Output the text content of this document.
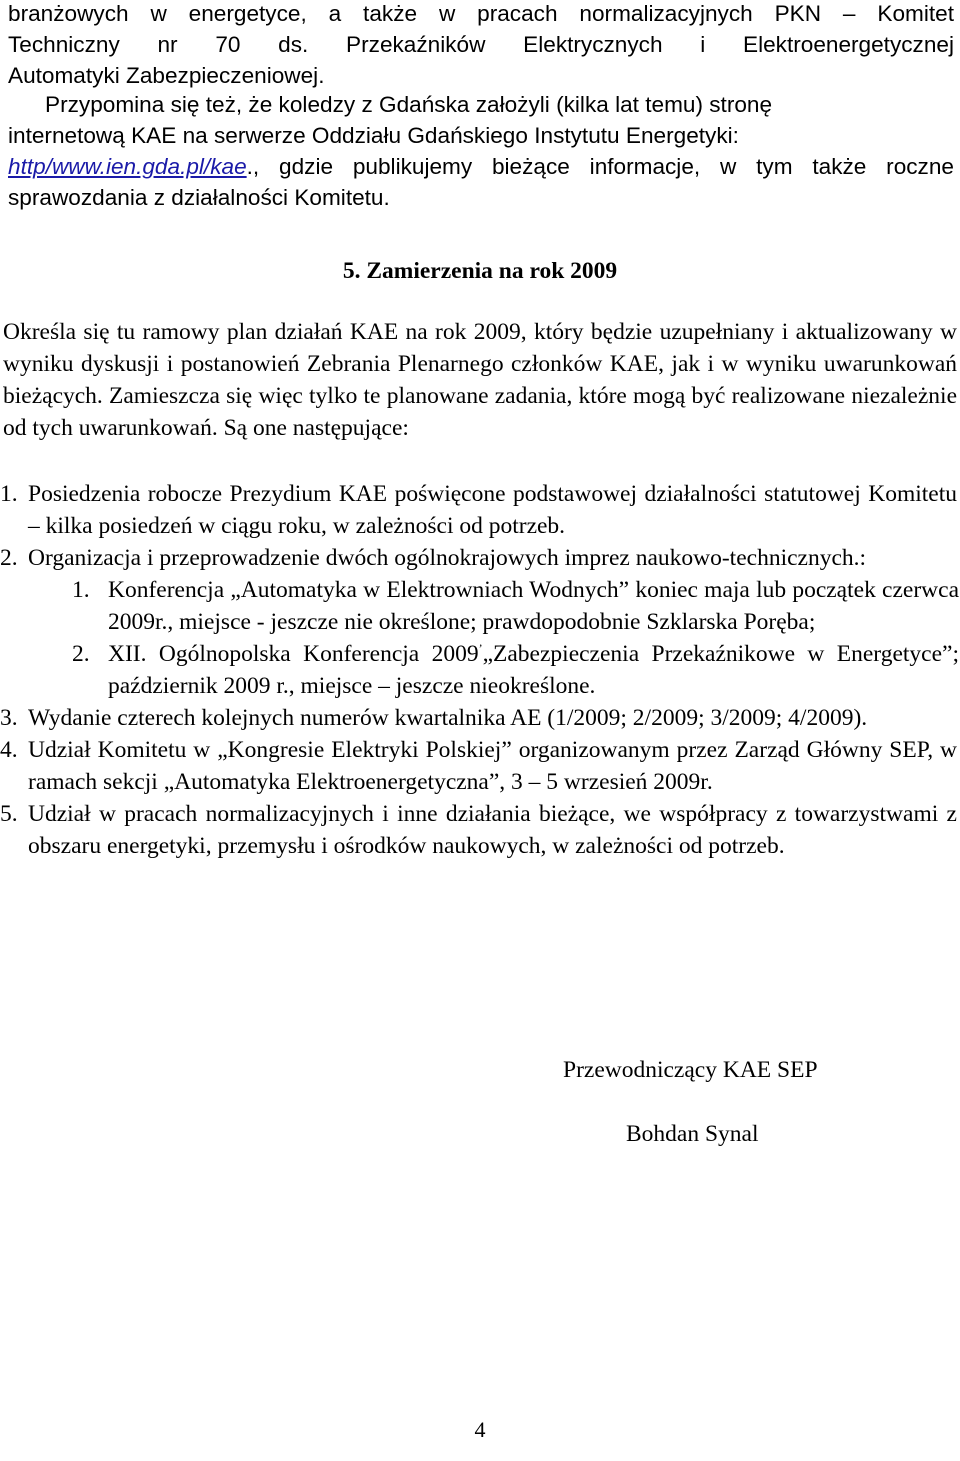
branżowych w energetyce, a także w pracach normalizacyjnych PKN – Komitet
Techniczny nr 70 ds. Przekaźników Elektrycznych i Elektroenergetycznej
Automatyki Zabezpieczeniowej.
Przypomina się też, że koledzy z Gdańska założyli (kilka lat temu) stronę
internetową KAE na serwerze Oddziału Gdańskiego Instytutu Energetyki:
http/www.ien.gda.pl/kae., gdzie publikujemy bieżące informacje, w tym także roczne
sprawozdania z działalności Komitetu.
5. Zamierzenia na rok 2009
Określa się tu ramowy plan działań KAE na rok 2009, który będzie uzupełniany i aktualizowany w wyniku dyskusji i postanowień Zebrania Plenarnego członków KAE, jak i w wyniku uwarunkowań bieżących. Zamieszcza się więc tylko te planowane zadania, które mogą być realizowane niezależnie od tych uwarunkowań. Są one następujące:
1. Posiedzenia robocze Prezydium KAE poświęcone podstawowej działalności statutowej Komitetu – kilka posiedzeń w ciągu roku, w zależności od potrzeb.
2. Organizacja i przeprowadzenie dwóch ogólnokrajowych imprez naukowo-technicznych.:
1. Konferencja „Automatyka w Elektrowniach Wodnych” koniec maja lub początek czerwca 2009r., miejsce - jeszcze nie określone; prawdopodobnie Szklarska Poręba;
2. XII. Ogólnopolska Konferencja 2009’„Zabezpieczenia Przekaźnikowe w Energetyce”; październik 2009 r., miejsce – jeszcze nieokreślone.
3. Wydanie czterech kolejnych numerów kwartalnika AE (1/2009; 2/2009; 3/2009; 4/2009).
4. Udział Komitetu w „Kongresie Elektryki Polskiej” organizowanym przez Zarząd Główny SEP, w ramach sekcji „Automatyka Elektroenergetyczna”, 3 – 5 wrzesień 2009r.
5. Udział w pracach normalizacyjnych i inne działania bieżące, we współpracy z towarzystwami z obszaru energetyki, przemysłu i ośrodków naukowych, w zależności od potrzeb.
Przewodniczący KAE SEP
Bohdan Synal
4
